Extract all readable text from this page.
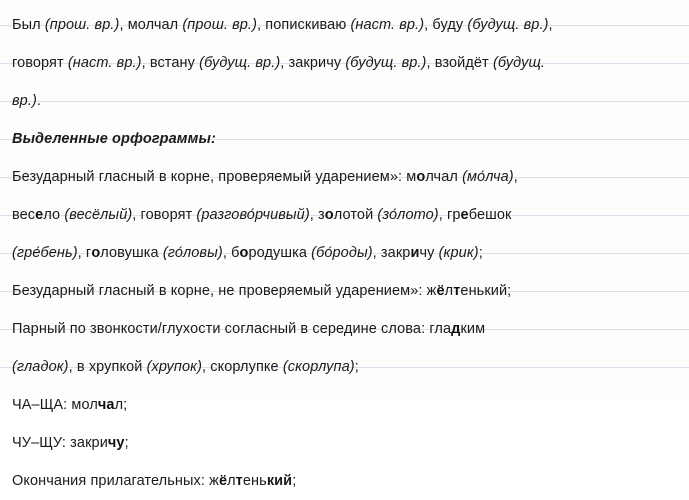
Был (прош. вр.), молчал (прош. вр.), попискиваю (наст. вр.), буду (будущ. вр.),

говорят (наст. вр.), встану (будущ. вр.), закричу (будущ. вр.), взойдёт (будущ.

вр.).

Выделенные орфограммы:

Безударный гласный в корне, проверяемый ударением»: молчал (мо́лча),

весело (весёлый), говорят (разгово́рчивый), золотой (зо́лото), гребешок

(гре́бень), головушка (го́ловы), бородушка (бо́роды), закричу (крик);

Безударный гласный в корне, не проверяемый ударением»: жёлтенький;

Парный по звонкости/глухости согласный в середине слова: гладким

(гладок), в хрупкой (хрупок), скорлупке (скорлупа);

ЧА–ЩА: молчал;

ЧУ–ЩУ: закричу;

Окончания прилагательных: жёлтенький;
